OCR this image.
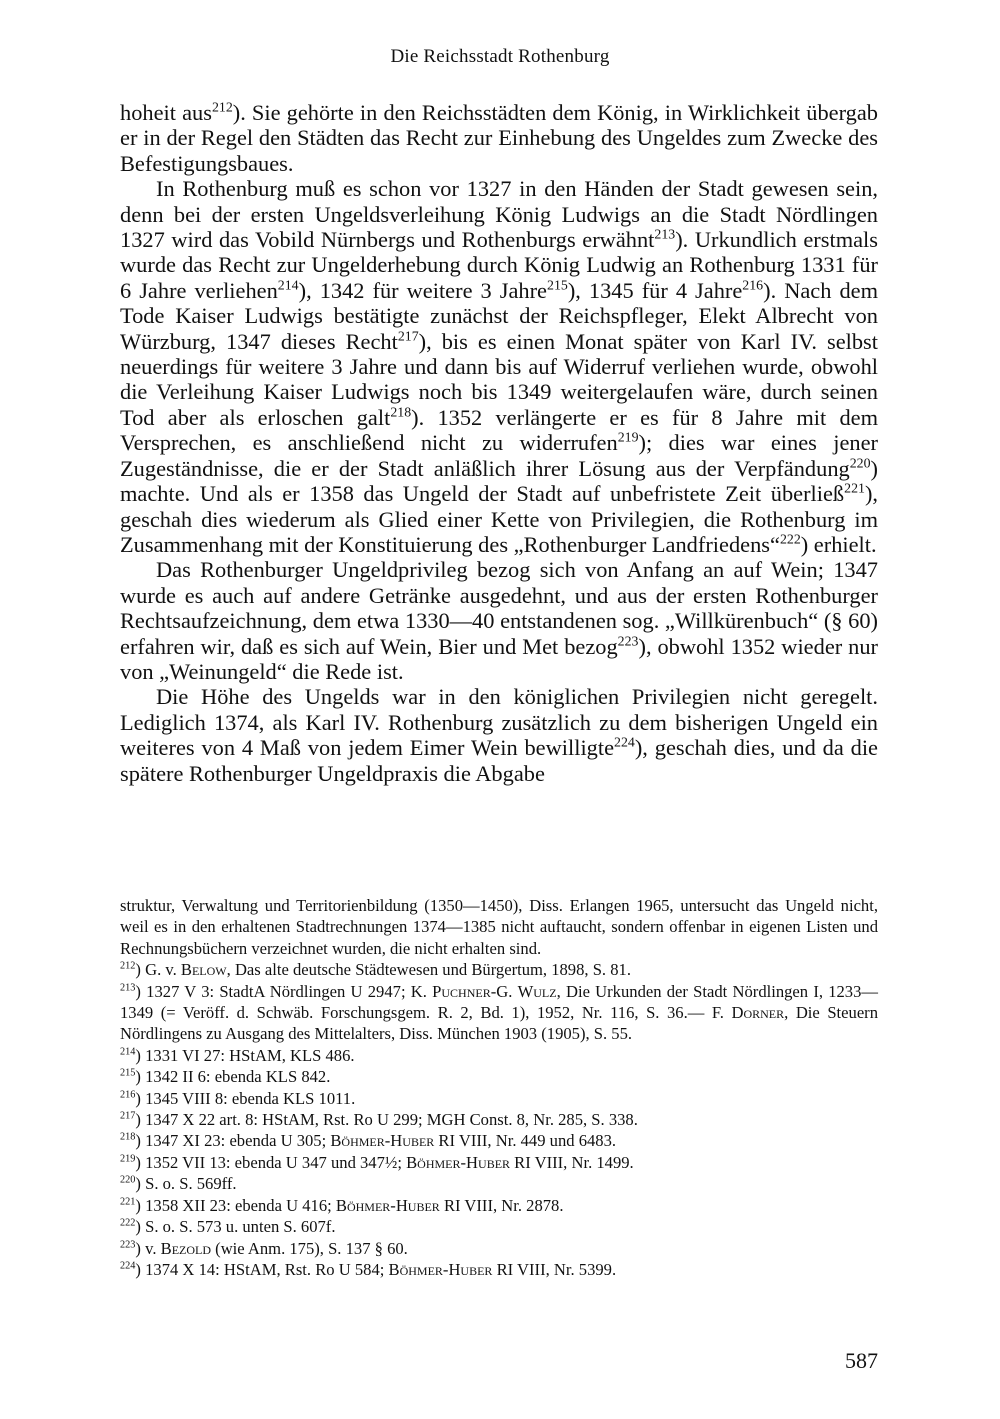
Die Reichsstadt Rothenburg

hoheit aus$^{212}$). Sie gehörte in den Reichsstädten dem König, in Wirklichkeit übergab er in der Regel den Städten das Recht zur Einhebung des Ungeldes zum Zwecke des Befestigungsbaues.

In Rothenburg muß es schon vor 1327 in den Händen der Stadt gewesen sein, denn bei der ersten Ungeldsverleihung König Ludwigs an die Stadt Nördlingen 1327 wird das Vobild Nürnbergs und Rothenburgs erwähnt$^{213}$). Urkundlich erstmals wurde das Recht zur Ungelderhebung durch König Ludwig an Rothenburg 1331 für 6 Jahre verliehen$^{214}$), 1342 für weitere 3 Jahre$^{215}$), 1345 für 4 Jahre$^{216}$). Nach dem Tode Kaiser Ludwigs bestätigte zunächst der Reichspfleger, Elekt Albrecht von Würzburg, 1347 dieses Recht$^{217}$), bis es einen Monat später von Karl IV. selbst neuerdings für weitere 3 Jahre und dann bis auf Widerruf verliehen wurde, obwohl die Verleihung Kaiser Ludwigs noch bis 1349 weitergelaufen wäre, durch seinen Tod aber als erloschen galt$^{218}$). 1352 verlängerte er es für 8 Jahre mit dem Versprechen, es anschließend nicht zu widerrufen$^{219}$); dies war eines jener Zugeständnisse, die er der Stadt anläßlich ihrer Lösung aus der Verpfändung$^{220}$) machte. Und als er 1358 das Ungeld der Stadt auf unbefristete Zeit überließ$^{221}$), geschah dies wiederum als Glied einer Kette von Privilegien, die Rothenburg im Zusammenhang mit der Konstituierung des „Rothenburger Landfriedens“$^{222}$) erhielt.

Das Rothenburger Ungeldprivileg bezog sich von Anfang an auf Wein; 1347 wurde es auch auf andere Getränke ausgedehnt, und aus der ersten Rothenburger Rechtsaufzeichnung, dem etwa 1330—40 entstandenen sog. „Willkürenbuch“ (§ 60) erfahren wir, daß es sich auf Wein, Bier und Met bezog$^{223}$), obwohl 1352 wieder nur von „Weinungeld“ die Rede ist.

Die Höhe des Ungelds war in den königlichen Privilegien nicht geregelt. Lediglich 1374, als Karl IV. Rothenburg zusätzlich zu dem bisherigen Ungeld ein weiteres von 4 Maß von jedem Eimer Wein bewilligte$^{224}$), geschah dies, und da die spätere Rothenburger Ungeldpraxis die Abgabe

struktur, Verwaltung und Territorienbildung (1350—1450), Diss. Erlangen 1965, untersucht das Ungeld nicht, weil es in den erhaltenen Stadtrechnungen 1374—1385 nicht auftaucht, sondern offenbar in eigenen Listen und Rechnungsbüchern verzeichnet wurden, die nicht erhalten sind.

$^{212}$) G. v. Below, Das alte deutsche Städtewesen und Bürgertum, 1898, S. 81.

$^{213}$) 1327 V 3: StadtA Nördlingen U 2947; K. Puchner-G. Wulz, Die Urkunden der Stadt Nördlingen I, 1233—1349 (= Veröff. d. Schwäb. Forschungsgem. R. 2, Bd. 1), 1952, Nr. 116, S. 36.— F. Dorner, Die Steuern Nördlingens zu Ausgang des Mittelalters, Diss. München 1903 (1905), S. 55.

$^{214}$) 1331 VI 27: HStAM, KLS 486.

$^{215}$) 1342 II 6: ebenda KLS 842.

$^{216}$) 1345 VIII 8: ebenda KLS 1011.

$^{217}$) 1347 X 22 art. 8: HStAM, Rst. Ro U 299; MGH Const. 8, Nr. 285, S. 338.

$^{218}$) 1347 XI 23: ebenda U 305; Böhmer-Huber RI VIII, Nr. 449 und 6483.

$^{219}$) 1352 VII 13: ebenda U 347 und 347½; Böhmer-Huber RI VIII, Nr. 1499.

$^{220}$) S. o. S. 569ff.

$^{221}$) 1358 XII 23: ebenda U 416; Böhmer-Huber RI VIII, Nr. 2878.

$^{222}$) S. o. S. 573 u. unten S. 607f.

$^{223}$) v. Bezold (wie Anm. 175), S. 137 § 60.

$^{224}$) 1374 X 14: HStAM, Rst. Ro U 584; Böhmer-Huber RI VIII, Nr. 5399.

587
